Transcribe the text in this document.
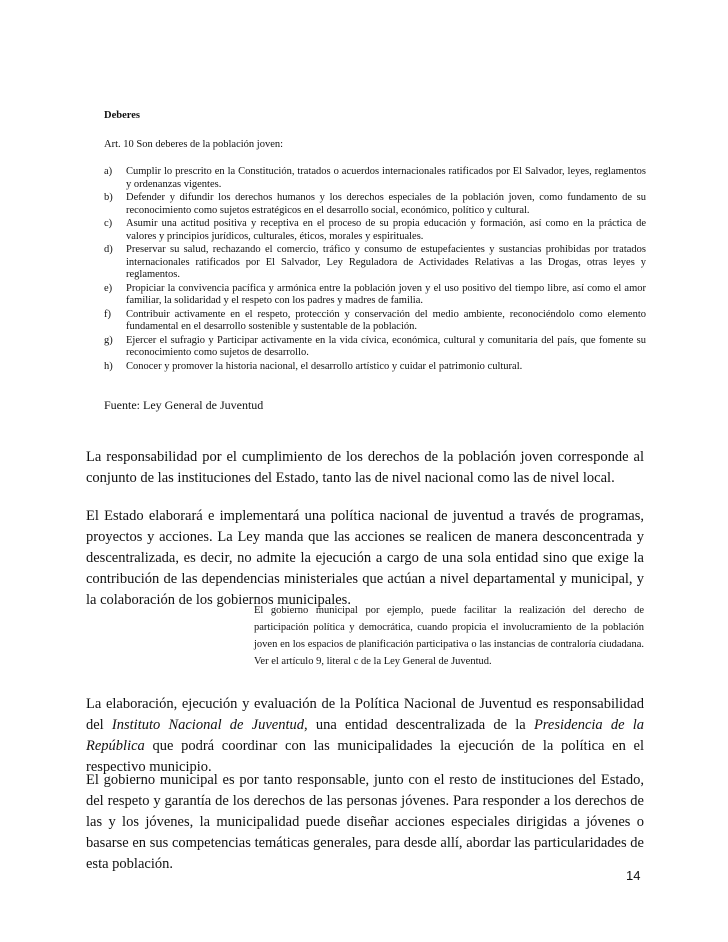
Deberes
Art. 10 Son deberes de la población joven:
a) Cumplir lo prescrito en la Constitución, tratados o acuerdos internacionales ratificados por El Salvador, leyes, reglamentos y ordenanzas vigentes.
b) Defender y difundir los derechos humanos y los derechos especiales de la población joven, como fundamento de su reconocimiento como sujetos estratégicos en el desarrollo social, económico, político y cultural.
c) Asumir una actitud positiva y receptiva en el proceso de su propia educación y formación, así como en la práctica de valores y principios jurídicos, culturales, éticos, morales y espirituales.
d) Preservar su salud, rechazando el comercio, tráfico y consumo de estupefacientes y sustancias prohibidas por tratados internacionales ratificados por El Salvador, Ley Reguladora de Actividades Relativas a las Drogas, otras leyes y reglamentos.
e) Propiciar la convivencia pacífica y armónica entre la población joven y el uso positivo del tiempo libre, así como el amor familiar, la solidaridad y el respeto con los padres y madres de familia.
f) Contribuir activamente en el respeto, protección y conservación del medio ambiente, reconociéndolo como elemento fundamental en el desarrollo sostenible y sustentable de la población.
g) Ejercer el sufragio y Participar activamente en la vida cívica, económica, cultural y comunitaria del país, que fomente su reconocimiento como sujetos de desarrollo.
h) Conocer y promover la historia nacional, el desarrollo artístico y cuidar el patrimonio cultural.
Fuente: Ley General de Juventud

La responsabilidad por el cumplimiento de los derechos de la población joven corresponde al conjunto de las instituciones del Estado, tanto las de nivel nacional como las de nivel local.

El Estado elaborará e implementará una política nacional de juventud a través de programas, proyectos y acciones. La Ley manda que las acciones se realicen de manera desconcentrada y descentralizada, es decir, no admite la ejecución a cargo de una sola entidad sino que exige la contribución de las dependencias ministeriales que actúan a nivel departamental y municipal, y la colaboración de los gobiernos municipales.

El gobierno municipal por ejemplo, puede facilitar la realización del derecho de participación política y democrática, cuando propicia el involucramiento de la población joven en los espacios de planificación participativa o las instancias de contraloría ciudadana. Ver el artículo 9, literal c de la Ley General de Juventud.

La elaboración, ejecución y evaluación de la Política Nacional de Juventud es responsabilidad del Instituto Nacional de Juventud, una entidad descentralizada de la Presidencia de la República que podrá coordinar con las municipalidades la ejecución de la política en el respectivo municipio.

El gobierno municipal es por tanto responsable, junto con el resto de instituciones del Estado, del respeto y garantía de los derechos de las personas jóvenes. Para responder a los derechos de las y los jóvenes, la municipalidad puede diseñar acciones especiales dirigidas a jóvenes o basarse en sus competencias temáticas generales, para desde allí, abordar las particularidades de esta población.

14
